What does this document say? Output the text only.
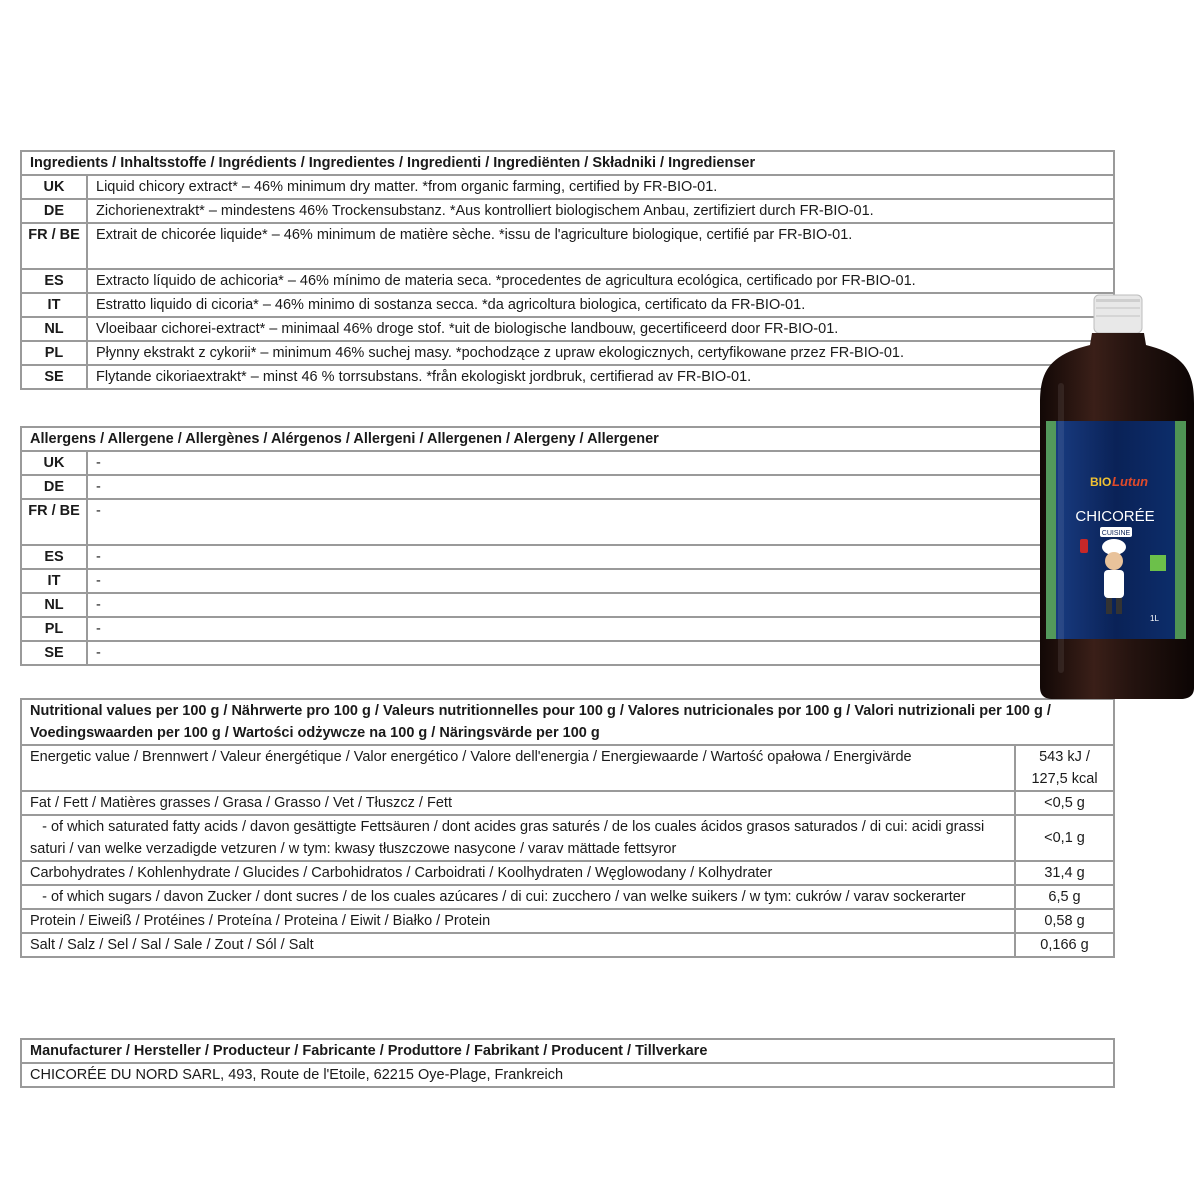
Ingredients / Inhaltsstoffe / Ingrédients / Ingredientes / Ingredienti / Ingrediënten / Składniki / Ingredienser	
UK	Liquid chicory extract* – 46% minimum dry matter. *from organic farming, certified by FR-BIO-01.
DE	Zichorienextrakt* – mindestens 46% Trockensubstanz. *Aus kontrolliert biologischem Anbau, zertifiziert durch FR-BIO-01.
FR / BE	Extrait de chicorée liquide* – 46% minimum de matière sèche. *issu de l'agriculture biologique, certifié par FR-BIO-01.
ES	Extracto líquido de achicoria* – 46% mínimo de materia seca. *procedentes de agricultura ecológica, certificado por FR-BIO-01.
IT	Estratto liquido di cicoria* – 46% minimo di sostanza secca. *da agricoltura biologica, certificato da FR-BIO-01.
NL	Vloeibaar cichorei-extract* – minimaal 46% droge stof. *uit de biologische landbouw, gecertificeerd door FR-BIO-01.
PL	Płynny ekstrakt z cykorii* – minimum 46% suchej masy. *pochodzące z upraw ekologicznych, certyfikowane przez FR-BIO-01.
SE	Flytande cikoriaextrakt* – minst 46 % torrsubstans. *från ekologiskt jordbruk, certifierad av FR-BIO-01.
Allergens / Allergene / Allergènes / Alérgenos / Allergeni / Allergenen / Alergeny / Allergener	
UK	-
DE	-
FR / BE	-
ES	-
IT	-
NL	-
PL	-
SE	-
Nutritional values per 100 g / Nährwerte pro 100 g / Valeurs nutritionnelles pour 100 g / Valores nutricionales por 100 g / Valori nutrizionali per 100 g / Voedingswaarden per 100 g / Wartości odżywcze na 100 g / Näringsvärde per 100 g	
Energetic value / Brennwert / Valeur énergétique / Valor energético / Valore dell'energia / Energiewaarde / Wartość opałowa / Energivärde	543 kJ / 127,5 kcal
Fat / Fett / Matières grasses / Grasa / Grasso / Vet / Tłuszcz / Fett	<0,5 g
- of which saturated fatty acids / davon gesättigte Fettsäuren / dont acides gras saturés / de los cuales ácidos grasos saturados / di cui: acidi grassi saturi / van welke verzadigde vetzuren / w tym: kwasy tłuszczowe nasycone / varav mättade fettsyror	<0,1 g
Carbohydrates / Kohlenhydrate / Glucides / Carbohidratos / Carboidrati / Koolhydraten / Węglowodany / Kolhydrater	31,4 g
- of which sugars / davon Zucker / dont sucres / de los cuales azúcares / di cui: zucchero / van welke suikers / w tym: cukrów / varav sockerarter	6,5 g
Protein / Eiweiß / Protéines / Proteína / Proteina / Eiwit / Białko / Protein	0,58 g
Salt / Salz / Sel / Sal / Sale / Zout / Sól / Salt	0,166 g
Manufacturer / Hersteller / Producteur / Fabricante / Produttore / Fabrikant / Producent / Tillverkare
CHICORÉE DU NORD SARL, 493, Route de l'Etoile, 62215 Oye-Plage, Frankreich
BIO Lutun
CHICORÉE
CUISINE
1L
